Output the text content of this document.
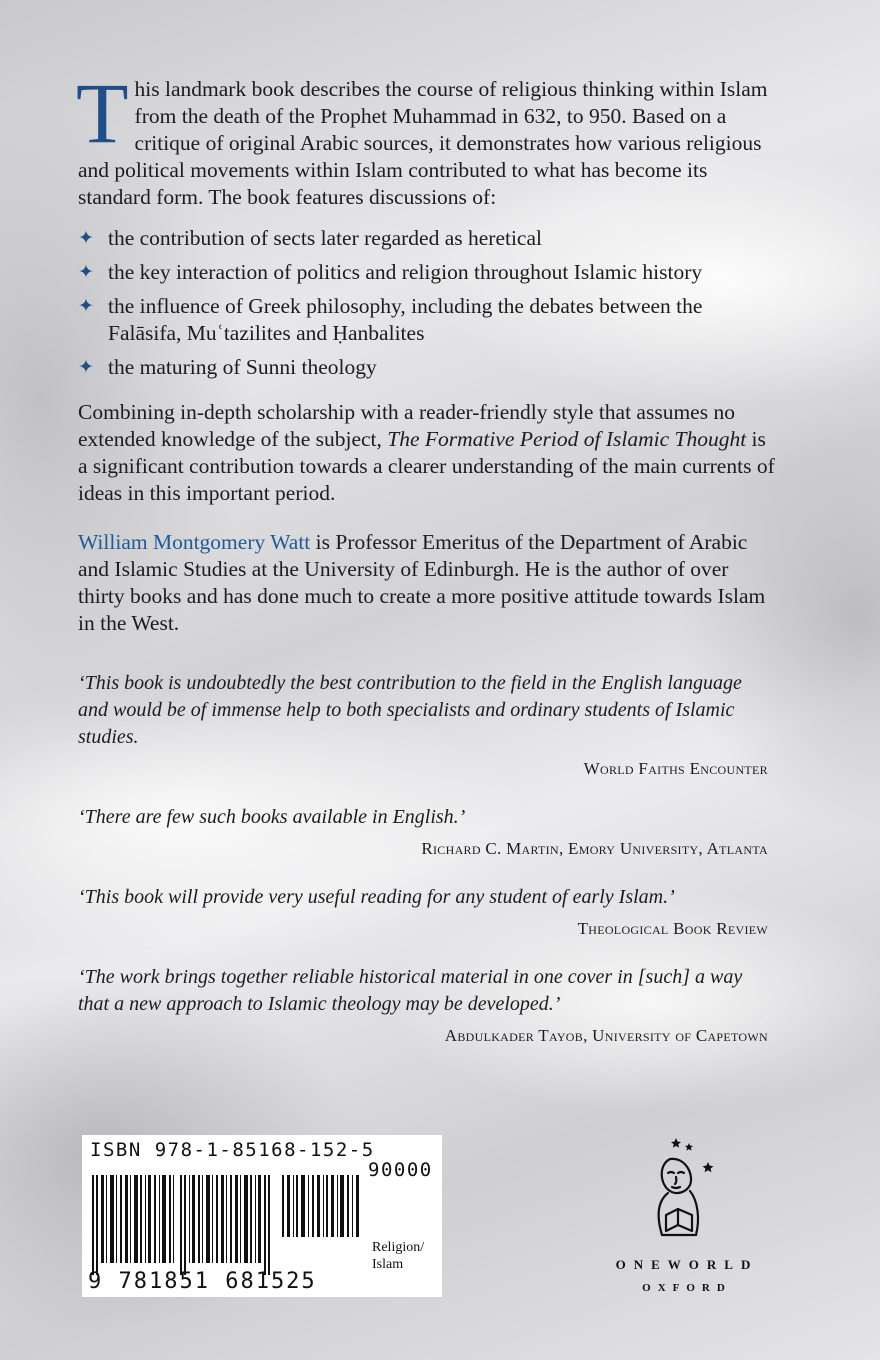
This landmark book describes the course of religious thinking within Islam from the death of the Prophet Muhammad in 632, to 950. Based on a critique of original Arabic sources, it demonstrates how various religious and political movements within Islam contributed to what has become its standard form. The book features discussions of:

✦ the contribution of sects later regarded as heretical
✦ the key interaction of politics and religion throughout Islamic history
✦ the influence of Greek philosophy, including the debates between the Falāsifa, Muʿtazilites and Ḥanbalites
✦ the maturing of Sunni theology

Combining in-depth scholarship with a reader-friendly style that assumes no extended knowledge of the subject, The Formative Period of Islamic Thought is a significant contribution towards a clearer understanding of the main currents of ideas in this important period.

William Montgomery Watt is Professor Emeritus of the Department of Arabic and Islamic Studies at the University of Edinburgh. He is the author of over thirty books and has done much to create a more positive attitude towards Islam in the West.

‘This book is undoubtedly the best contribution to the field in the English language and would be of immense help to both specialists and ordinary students of Islamic studies.

World Faiths Encounter

‘There are few such books available in English.’

Richard C. Martin, Emory University, Atlanta

‘This book will provide very useful reading for any student of early Islam.’

Theological Book Review

‘The work brings together reliable historical material in one cover in [such] a way that a new approach to Islamic theology may be developed.’

Abdulkader Tayob, University of Capetown

ISBN 978-1-85168-152-5
90000
9 781851 681525
Religion/
Islam	ONEWORLD
OXFORD
